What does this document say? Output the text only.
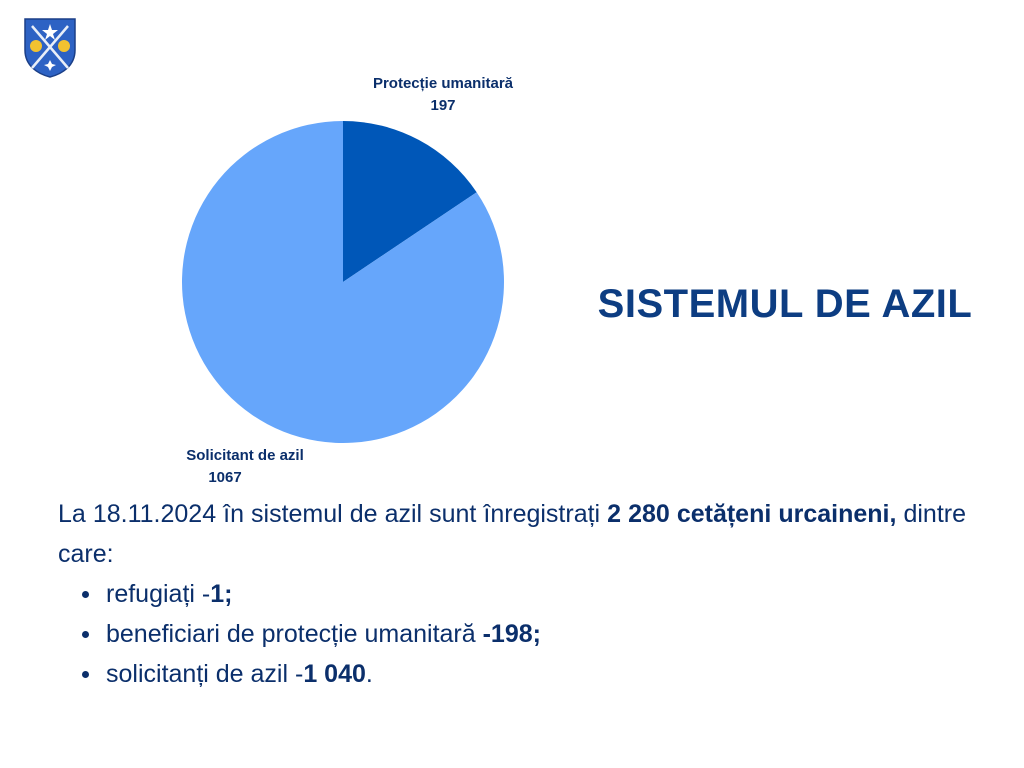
Protecție umanitară
197
Solicitant de azil
1067
SISTEMUL DE AZIL

La 18.11.2024 în sistemul de azil sunt înregistrați 2 280 cetățeni urcaineni, dintre care:

refugiați -1;
beneficiari de protecție umanitară -198;
solicitanți de azil -1 040.
